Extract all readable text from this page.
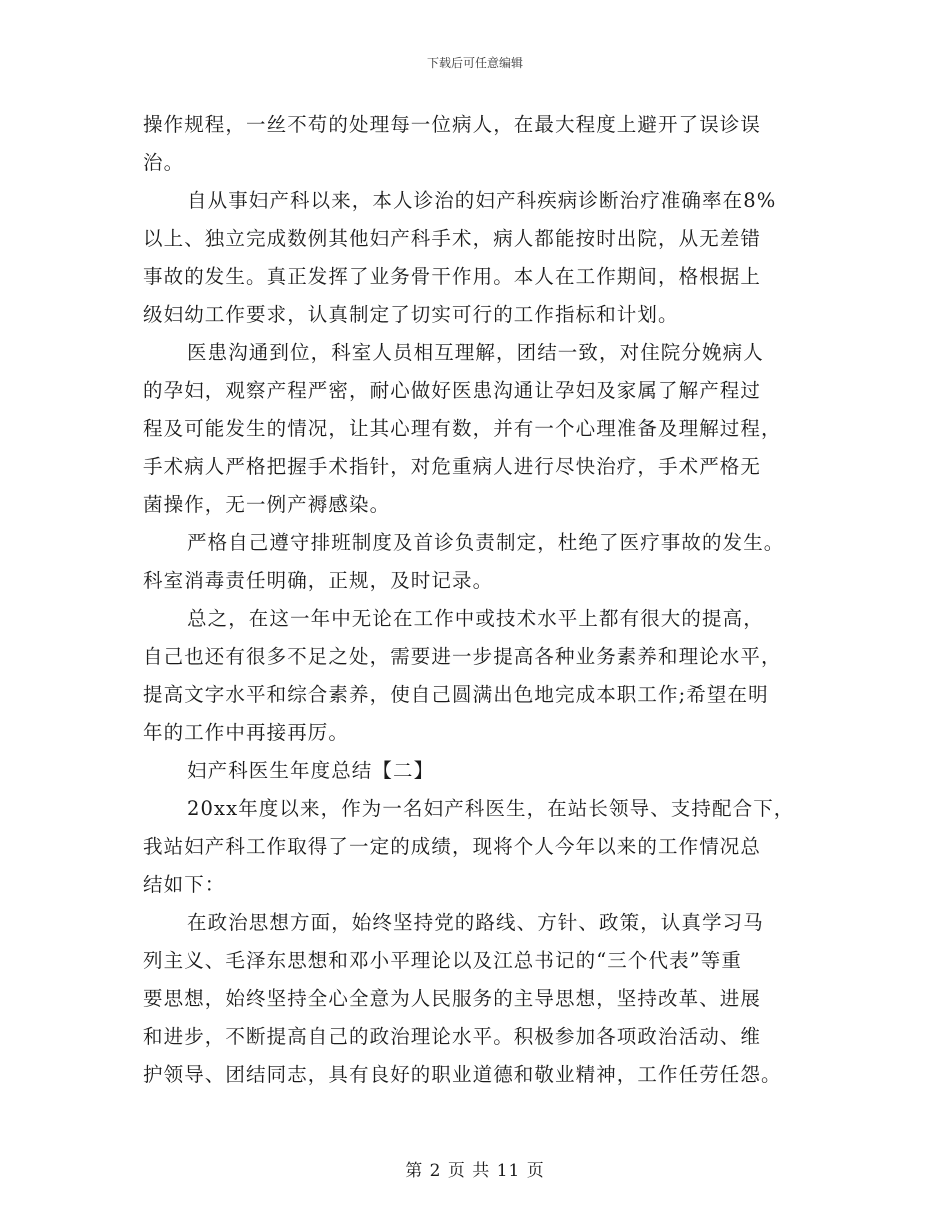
下载后可任意编辑
操作规程，一丝不苟的处理每一位病人，在最大程度上避开了误诊误
治。
自从事妇产科以来，本人诊治的妇产科疾病诊断治疗准确率在8%
以上、独立完成数例其他妇产科手术，病人都能按时出院，从无差错
事故的发生。真正发挥了业务骨干作用。本人在工作期间，格根据上
级妇幼工作要求，认真制定了切实可行的工作指标和计划。
医患沟通到位，科室人员相互理解，团结一致，对住院分娩病人
的孕妇，观察产程严密，耐心做好医患沟通让孕妇及家属了解产程过
程及可能发生的情况，让其心理有数，并有一个心理准备及理解过程，
手术病人严格把握手术指针，对危重病人进行尽快治疗，手术严格无
菌操作，无一例产褥感染。
严格自己遵守排班制度及首诊负责制定，杜绝了医疗事故的发生。
科室消毒责任明确，正规，及时记录。
总之，在这一年中无论在工作中或技术水平上都有很大的提高，
自己也还有很多不足之处，需要进一步提高各种业务素养和理论水平，
提高文字水平和综合素养，使自己圆满出色地完成本职工作;希望在明
年的工作中再接再厉。
妇产科医生年度总结【二】
20xx年度以来，作为一名妇产科医生，在站长领导、支持配合下，
我站妇产科工作取得了一定的成绩，现将个人今年以来的工作情况总
结如下：
在政治思想方面，始终坚持党的路线、方针、政策，认真学习马
列主义、毛泽东思想和邓小平理论以及江总书记的“三个代表”等重
要思想，始终坚持全心全意为人民服务的主导思想，坚持改革、进展
和进步，不断提高自己的政治理论水平。积极参加各项政治活动、维
护领导、团结同志，具有良好的职业道德和敬业精神，工作任劳任怨。
第 2 页 共 11 页
